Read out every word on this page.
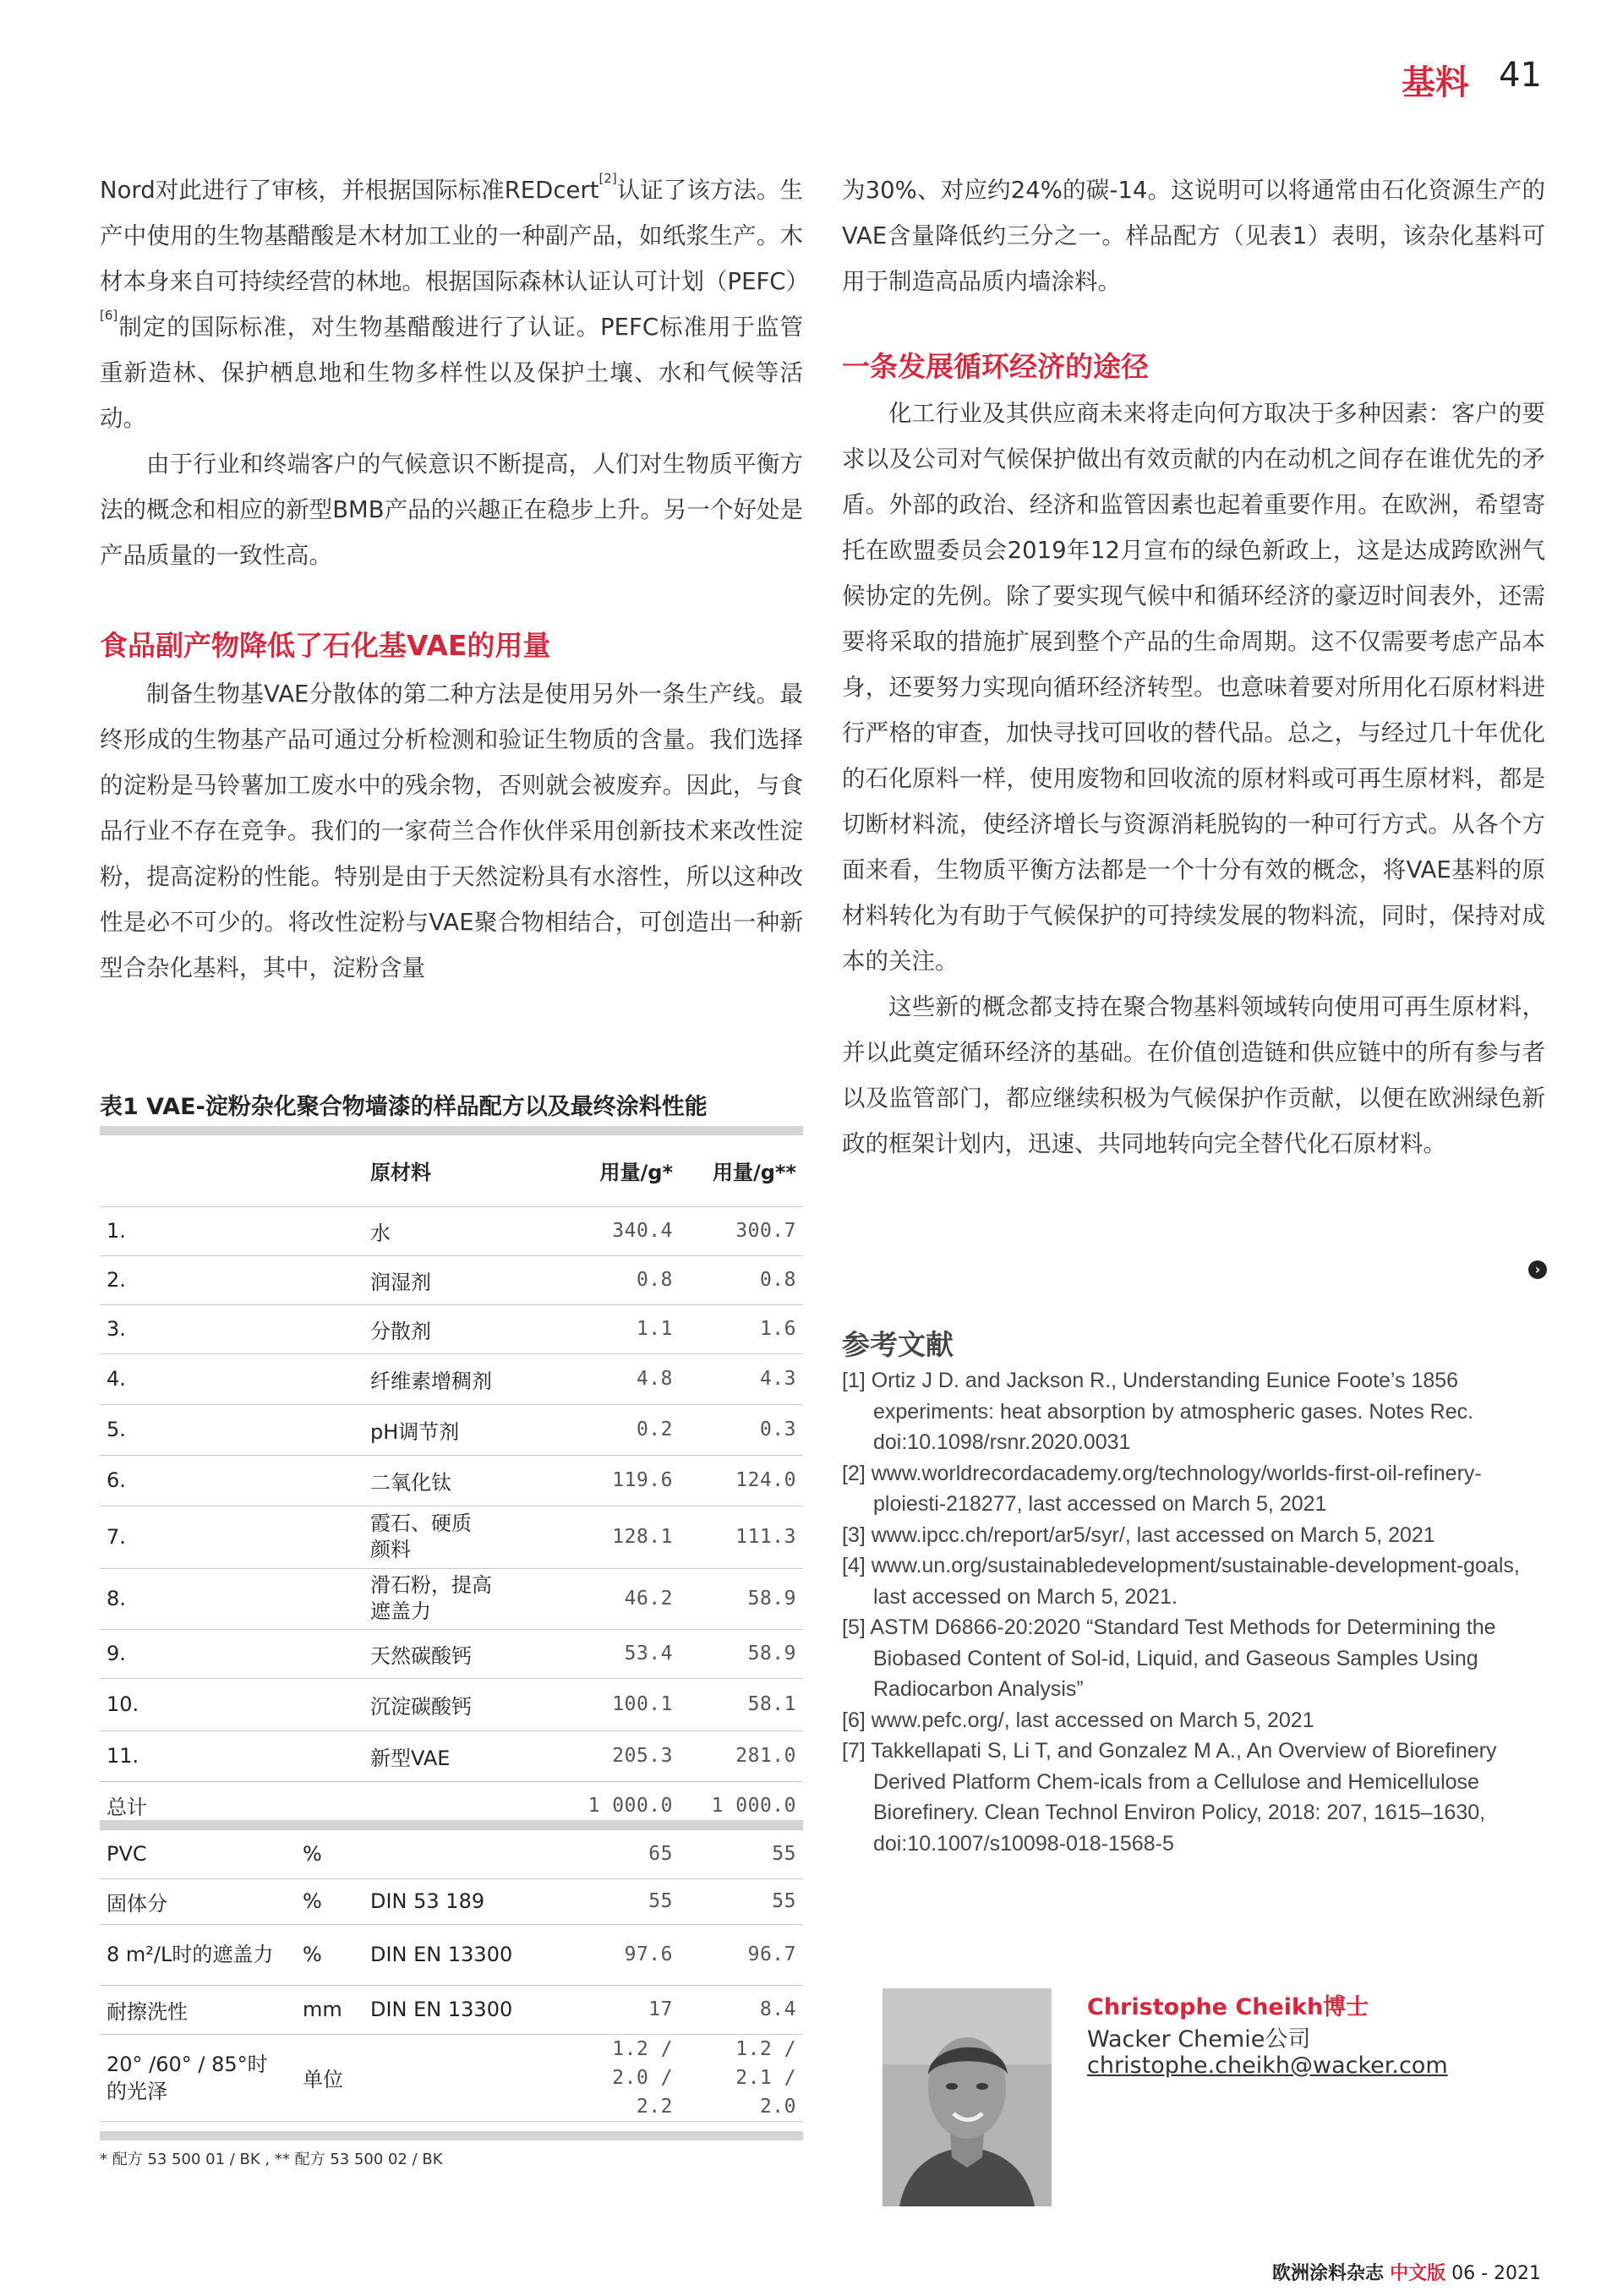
基料 41

Nord对此进行了审核，并根据国际标准REDcert[2]认证了该方法。生产中使用的生物基醋酸是木材加工业的一种副产品，如纸浆生产。木材本身来自可持续经营的林地。根据国际森林认证认可计划（PEFC）[6]制定的国际标准，对生物基醋酸进行了认证。PEFC标准用于监管重新造林、保护栖息地和生物多样性以及保护土壤、水和气候等活动。

由于行业和终端客户的气候意识不断提高，人们对生物质平衡方法的概念和相应的新型BMB产品的兴趣正在稳步上升。另一个好处是产品质量的一致性高。

食品副产物降低了石化基VAE的用量

制备生物基VAE分散体的第二种方法是使用另外一条生产线。最终形成的生物基产品可通过分析检测和验证生物质的含量。我们选择的淀粉是马铃薯加工废水中的残余物，否则就会被废弃。因此，与食品行业不存在竞争。我们的一家荷兰合作伙伴采用创新技术来改性淀粉，提高淀粉的性能。特别是由于天然淀粉具有水溶性，所以这种改性是必不可少的。将改性淀粉与VAE聚合物相结合，可创造出一种新型合杂化基料，其中，淀粉含量

表1 VAE-淀粉杂化聚合物墙漆的样品配方以及最终涂料性能
	原材料	用量/g*	用量/g**
1.	水	340.4	300.7
2.	润湿剂	0.8	0.8
3.	分散剂	1.1	1.6
4.	纤维素增稠剂	4.8	4.3
5.	pH调节剂	0.2	0.3
6.	二氧化钛	119.6	124.0
7.	霞石、硬质颜料	128.1	111.3
8.	滑石粉，提高遮盖力	46.2	58.9
9.	天然碳酸钙	53.4	58.9
10.	沉淀碳酸钙	100.1	58.1
11.	新型VAE	205.3	281.0
总计		1 000.0	1 000.0
PVC	%		65	55
固体分	%	DIN 53 189	55	55
8 m²/L时的遮盖力	%	DIN EN 13300	97.6	96.7
耐擦洗性	mm	DIN EN 13300	17	8.4
20° /60° / 85°时的光泽	单位		1.2 / 2.0 / 2.2	1.2 / 2.1 / 2.0
* 配方 53 500 01 / BK , ** 配方 53 500 02 / BK

为30%、对应约24%的碳-14。这说明可以将通常由石化资源生产的VAE含量降低约三分之一。样品配方（见表1）表明，该杂化基料可用于制造高品质内墙涂料。

一条发展循环经济的途径

化工行业及其供应商未来将走向何方取决于多种因素：客户的要求以及公司对气候保护做出有效贡献的内在动机之间存在谁优先的矛盾。外部的政治、经济和监管因素也起着重要作用。在欧洲，希望寄托在欧盟委员会2019年12月宣布的绿色新政上，这是达成跨欧洲气候协定的先例。除了要实现气候中和循环经济的豪迈时间表外，还需要将采取的措施扩展到整个产品的生命周期。这不仅需要考虑产品本身，还要努力实现向循环经济转型。也意味着要对所用化石原材料进行严格的审查，加快寻找可回收的替代品。总之，与经过几十年优化的石化原料一样，使用废物和回收流的原材料或可再生原材料，都是切断材料流，使经济增长与资源消耗脱钩的一种可行方式。从各个方面来看，生物质平衡方法都是一个十分有效的概念，将VAE基料的原材料转化为有助于气候保护的可持续发展的物料流，同时，保持对成本的关注。

这些新的概念都支持在聚合物基料领域转向使用可再生原材料，并以此奠定循环经济的基础。在价值创造链和供应链中的所有参与者以及监管部门，都应继续积极为气候保护作贡献，以便在欧洲绿色新政的框架计划内，迅速、共同地转向完全替代化石原材料。

›
参考文献

[1] Ortiz J D. and Jackson R., Understanding Eunice Foote’s 1856 experiments: heat absorption by atmospheric gases. Notes Rec. doi:10.1098/rsnr.2020.0031

[2] www.worldrecordacademy.org/technology/worlds-first-oil-refinery-ploiesti-218277, last accessed on March 5, 2021

[3] www.ipcc.ch/report/ar5/syr/, last accessed on March 5, 2021

[4] www.un.org/sustainabledevelopment/sustainable-development-goals, last accessed on March 5, 2021.

[5] ASTM D6866-20:2020 “Standard Test Methods for Determining the Biobased Content of Sol-id, Liquid, and Gaseous Samples Using Radiocarbon Analysis”

[6] www.pefc.org/, last accessed on March 5, 2021

[7] Takkellapati S, Li T, and Gonzalez M A., An Overview of Biorefinery Derived Platform Chem-icals from a Cellulose and Hemicellulose Biorefinery. Clean Technol Environ Policy, 2018: 207, 1615–1630, doi:10.1007/s10098-018-1568-5

Christophe Cheikh博士
Wacker Chemie公司
christophe.cheikh@wacker.com
欧洲涂料杂志 中文版 06 - 2021
